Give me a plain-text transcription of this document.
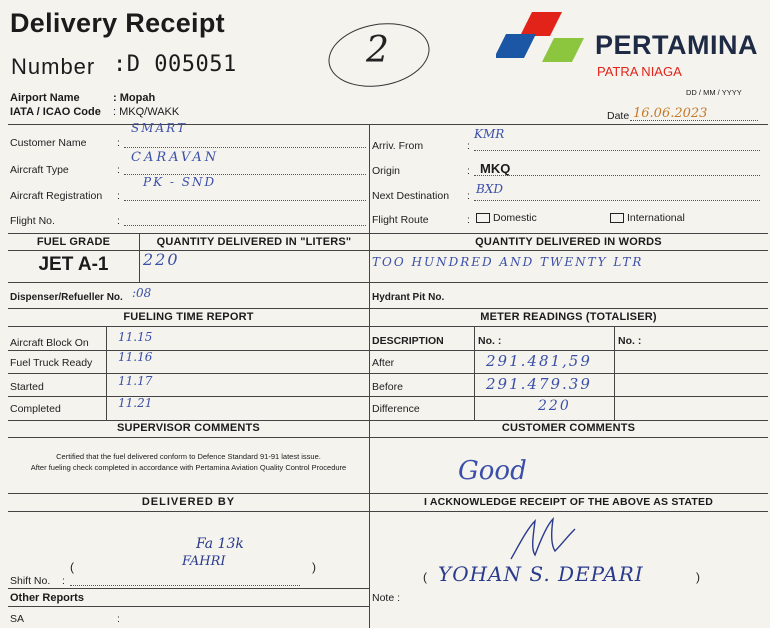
Delivery Receipt
Number :D 005051
Airport Name	: Mopah
IATA / ICAO Code : MKQ/WAKK
2	PERTAMINA
PATRA NIAGA
DD / MM / YYYY
Date 16.06.2023
Customer Name	:
SMART
Aircraft Type	:
CARAVAN
Aircraft Registration :
PK - SND
Flight No.	:
Arriv. From	:
KMR
Origin	: MKQ
Next Destination : BXD
Flight Route	:	Domestic	International
FUEL GRADE	QUANTITY DELIVERED IN "LITERS"	QUANTITY DELIVERED IN WORDS
JET A-1	220	TOO HUNDRED AND TWENTY LTR
Dispenser/Refueller No. :08	Hydrant Pit No.
FUELING TIME REPORT	METER READINGS (TOTALISER)
Aircraft Block On 11.15
Fuel Truck Ready 11.16
Started	11.17
Completed	11.21
DESCRIPTION	No. :	No. :
After	291.481,59
Before	291.479.39
Difference	220
SUPERVISOR COMMENTS	CUSTOMER COMMENTS
Certified that the fuel delivered conform to Defence Standard 91-91 latest issue.
After fueling check completed in accordance with Pertamina Aviation Quality Control Procedure	Good
DELIVERED BY	I ACKNOWLEDGE RECEIPT OF THE ABOVE AS STATED
Fa 13k
FAHRI
(	)
( YOHAN S. DEPARI	)
Shift No. :
Other Reports	Note :
SA	:
